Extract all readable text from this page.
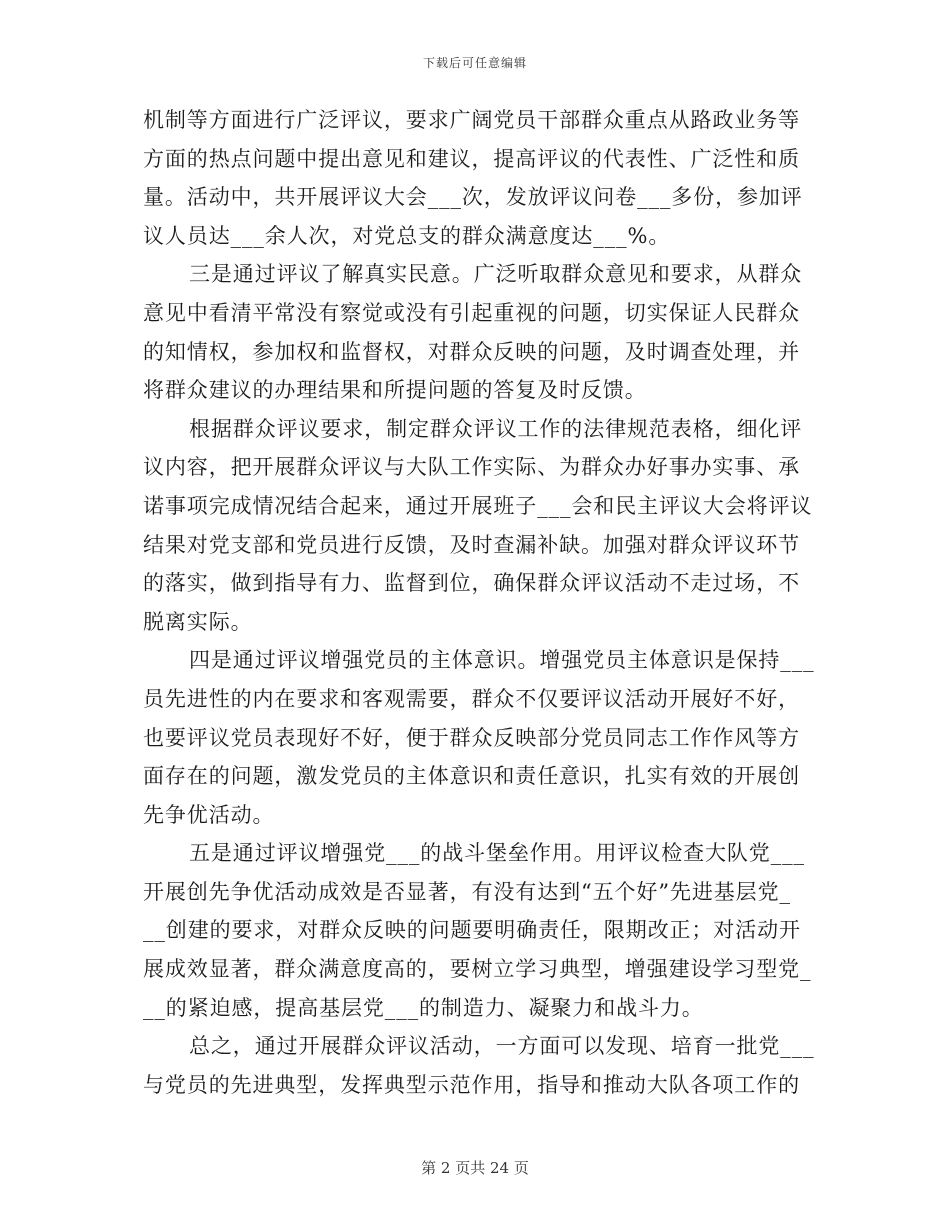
下载后可任意编辑
机制等方面进行广泛评议，要求广阔党员干部群众重点从路政业务等
方面的热点问题中提出意见和建议，提高评议的代表性、广泛性和质
量。活动中，共开展评议大会___次，发放评议问卷___多份，参加评
议人员达___余人次，对党总支的群众满意度达___%。
三是通过评议了解真实民意。广泛听取群众意见和要求，从群众
意见中看清平常没有察觉或没有引起重视的问题，切实保证人民群众
的知情权，参加权和监督权，对群众反映的问题，及时调查处理，并
将群众建议的办理结果和所提问题的答复及时反馈。
根据群众评议要求，制定群众评议工作的法律规范表格，细化评
议内容，把开展群众评议与大队工作实际、为群众办好事办实事、承
诺事项完成情况结合起来，通过开展班子___会和民主评议大会将评议
结果对党支部和党员进行反馈，及时查漏补缺。加强对群众评议环节
的落实，做到指导有力、监督到位，确保群众评议活动不走过场，不
脱离实际。
四是通过评议增强党员的主体意识。增强党员主体意识是保持___
员先进性的内在要求和客观需要，群众不仅要评议活动开展好不好，
也要评议党员表现好不好，便于群众反映部分党员同志工作作风等方
面存在的问题，激发党员的主体意识和责任意识，扎实有效的开展创
先争优活动。
五是通过评议增强党___的战斗堡垒作用。用评议检查大队党___
开展创先争优活动成效是否显著，有没有达到“五个好”先进基层党_
__创建的要求，对群众反映的问题要明确责任，限期改正；对活动开
展成效显著，群众满意度高的，要树立学习典型，增强建设学习型党_
__的紧迫感，提高基层党___的制造力、凝聚力和战斗力。
总之，通过开展群众评议活动，一方面可以发现、培育一批党___
与党员的先进典型，发挥典型示范作用，指导和推动大队各项工作的
第 2 页共 24 页
